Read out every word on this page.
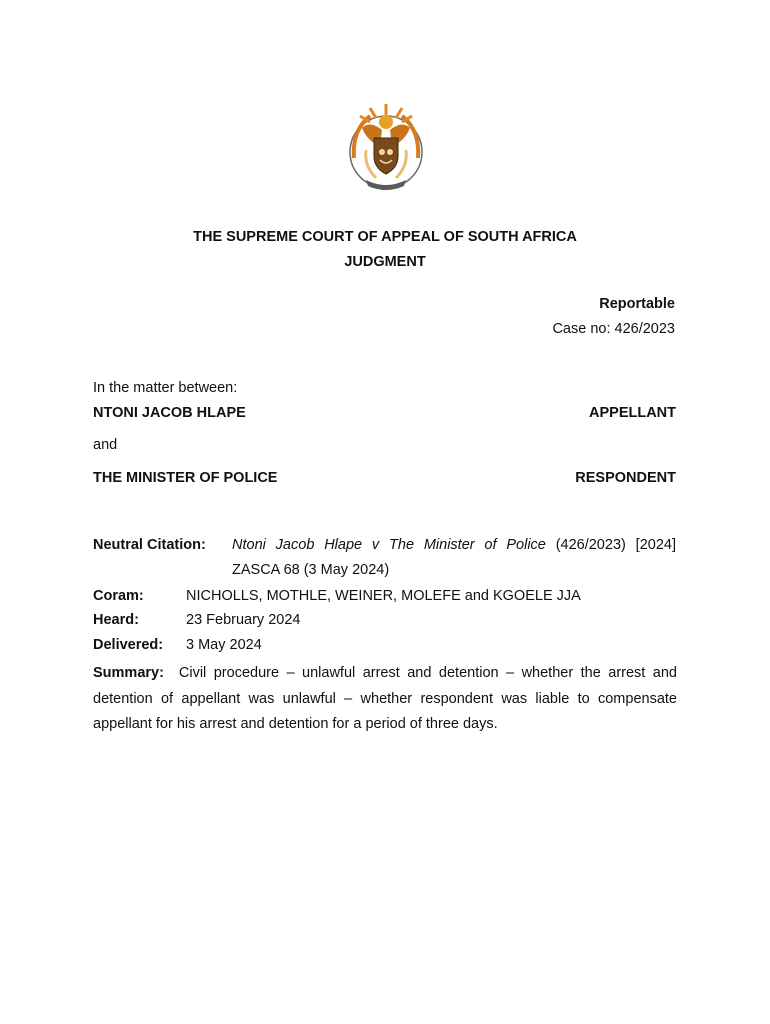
THE SUPREME COURT OF APPEAL OF SOUTH AFRICA
JUDGMENT
Reportable
Case no: 426/2023
In the matter between:
NTONI JACOB HLAPE	APPELLANT
and
THE MINISTER OF POLICE	RESPONDENT
Neutral Citation: Ntoni Jacob Hlape v The Minister of Police (426/2023) [2024]
ZASCA 68 (3 May 2024)
Coram:	NICHOLLS, MOTHLE, WEINER, MOLEFE and KGOELE JJA
Heard:	23 February 2024
Delivered: 3 May 2024
Summary: Civil procedure – unlawful arrest and detention – whether the arrest and detention of appellant was unlawful – whether respondent was liable to compensate appellant for his arrest and detention for a period of three days.
